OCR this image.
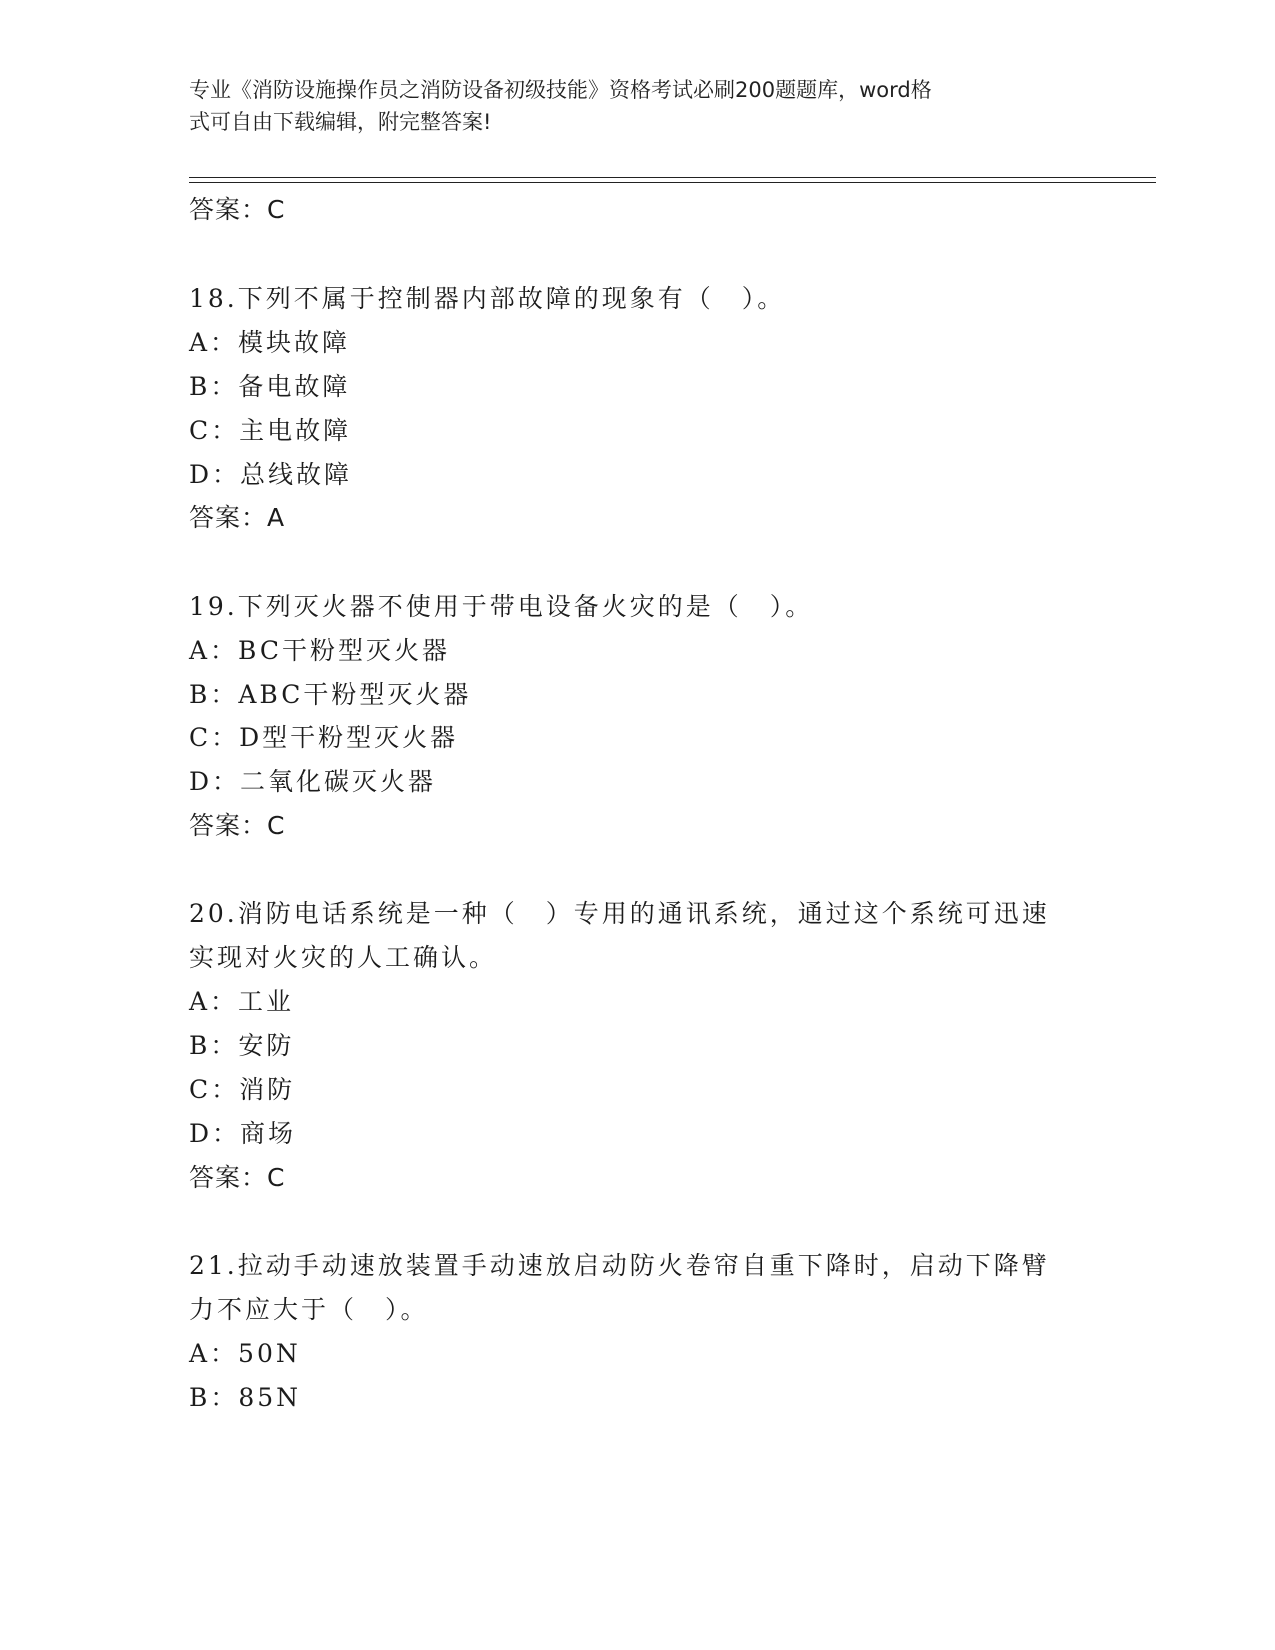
专业《消防设施操作员之消防设备初级技能》资格考试必刷200题题库，word格
式可自由下载编辑，附完整答案!
答案：C
18.下列不属于控制器内部故障的现象有（　）。
A：模块故障
B：备电故障
C：主电故障
D：总线故障
答案：A
19.下列灭火器不使用于带电设备火灾的是（　）。
A：BC干粉型灭火器
B：ABC干粉型灭火器
C：D型干粉型灭火器
D：二氧化碳灭火器
答案：C
20.消防电话系统是一种（　）专用的通讯系统，通过这个系统可迅速
实现对火灾的人工确认。
A：工业
B：安防
C：消防
D：商场
答案：C
21.拉动手动速放装置手动速放启动防火卷帘自重下降时，启动下降臂
力不应大于（　）。
A：50N
B：85N
